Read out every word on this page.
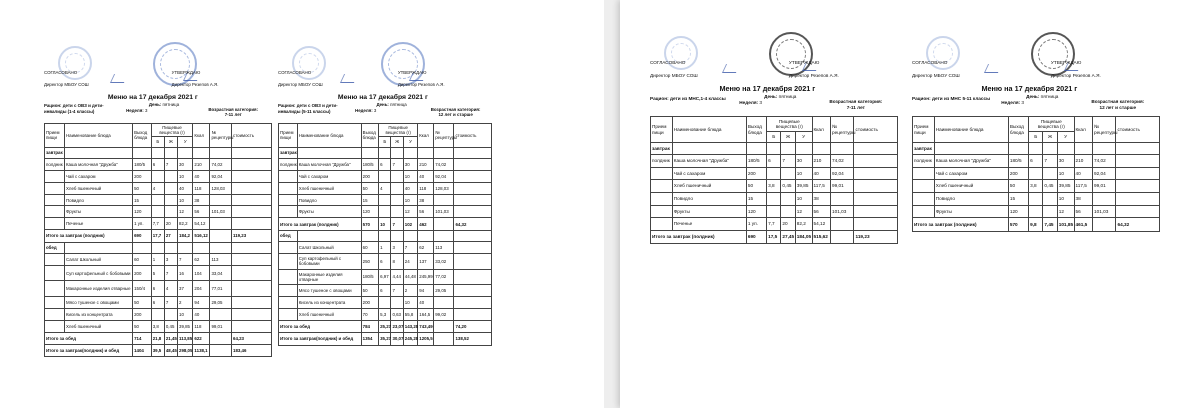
СОГЛАСОВАНО
Директор МБОУ СОШ
УТВЕРЖДАЮ
Директор Резепов А.Я.
Меню на 17 декабря 2021 г
Рацион: дети с ОВЗ и дети-инвалиды (1-4 классы)
День: пятница
Неделя: 3	Возрастная категория:
7-11 лет
Прием пищи	Наименование блюда	Выход блюда	Пищевые вещества (г)			Ккал	№ рецептуры	стоимость
			Б	Ж	У			
завтрак								
полдник	Каша молочная "Дружба"	180/5	6	7	30	210	74,02	
	Чай с сахаром	200			10	40	92,04	
	Хлеб пшеничный	50	4		40	118	128,03	
	Повидло	15			10	38		
	Фрукты	120			12	56	101,03	
	Печенье	1 уп.	7,7	20	82,2	54,12		
Итого за завтрак (полдник)		690	17,7	27	184,2	516,12		119,23
обед								
	Салат Школьный	60	1	3	7	62	113	
	Суп картофельный с бобовыми	200	5	7	16	104	33,04	
	Макаронные изделия отварные	150/4	6	4	37	204	77,01	
	Мясо тушеное с овощами	50	6	7	2	94	29,05	
	Кисель из концентрата	200			10	40		
	Хлеб пшеничный	50	3,8	0,45	39,85	118	99,01	
Итого за обед		714	21,8	21,45	113,85	622		64,23
Итого за завтрак(полдник) и обед		1404	39,5	48,45	298,05	1138,1		183,46
СОГЛАСОВАНО
Директор МБОУ СОШ
УТВЕРЖДАЮ
Директор Резепов А.Я.
Меню на 17 декабря 2021 г
Рацион: дети с ОВЗ и дети-инвалиды (5-11 классы)
День: пятница
Неделя: 3	Возрастная категория:
12 лет и старше
Прием пищи	Наименование блюда	Выход блюда	Пищевые вещества (г)			Ккал	№ рецептуры	стоимость
			Б	Ж	У			
завтрак								
полдник	Каша молочная "Дружба"	180/5	6	7	30	210	74,02	
	Чай с сахаром	200			10	40	92,04	
	Хлеб пшеничный	50	4		40	118	128,03	
	Повидло	15			10	38		
	Фрукты	120			12	56	101,03	
Итого за завтрак (полдник)		570	10	7	102	462		64,32
обед								
	Салат Школьный	60	1	3	7	62	113	
	Суп картофельный с бобовыми	250	6	8	24	137	33,02	
	Макаронные изделия отварные	180/5	6,97	4,44	44,48	245,99	77,02	
	Мясо тушеное с овощами	50	6	7	2	94	29,05	
	Кисель из концентрата	200			10	40		
	Хлеб пшеничный	70	5,3	0,63	55,8	164,5	99,02	
Итого за обед		784	25,27	23,07	143,28	743,49		74,20
Итого за завтрак(полдник) и обед		1354	35,27	30,07	245,28	1205,5		138,52
СОГЛАСОВАНО
Директор МБОУ СОШ
УТВЕРЖДАЮ
Директор Резепов А.Я.
Меню на 17 декабря 2021 г
Рацион: дети из МНС,1-4 классы	День: пятница
Неделя: 3	Возрастная категория:
7-11 лет
Прием пищи	Наименование блюда	Выход блюда	Пищевые вещества (г)			Ккал	№ рецептуры	стоимость
			Б	Ж	У			
завтрак								
полдник	Каша молочная "Дружба"	180/5	6	7	30	210	74,02	
	Чай с сахаром	200			10	40	92,04	
	Хлеб пшеничный	50	3,8	0,45	39,85	117,5	99,01	
	Повидло	15			10	38		
	Фрукты	120			12	56	101,03	
	Печенье	1 уп.	7,7	20	82,2	54,12		
Итого за завтрак (полдник)		690	17,5	27,45	184,05	515,62		119,23
СОГЛАСОВАНО
Директор МБОУ СОШ
УТВЕРЖДАЮ
Директор Резепов А.Я.
Меню на 17 декабря 2021 г
Рацион: дети из МНС 5-11 классы	День: пятница
Неделя: 3	Возрастная категория:
12 лет и старше
Прием пищи	Наименование блюда	Выход блюда	Пищевые вещества (г)			Ккал	№ рецептуры	стоимость
			Б	Ж	У			
завтрак								
полдник	Каша молочная "Дружба"	180/5	6	7	30	210	74,02	
	Чай с сахаром	200			10	40	92,04	
	Хлеб пшеничный	50	3,8	0,45	39,85	117,5	99,01	
	Повидло	15			10	38		
	Фрукты	120			12	56	101,03	
Итого за завтрак (полдник)		570	9,8	7,45	101,85	461,5		64,32
